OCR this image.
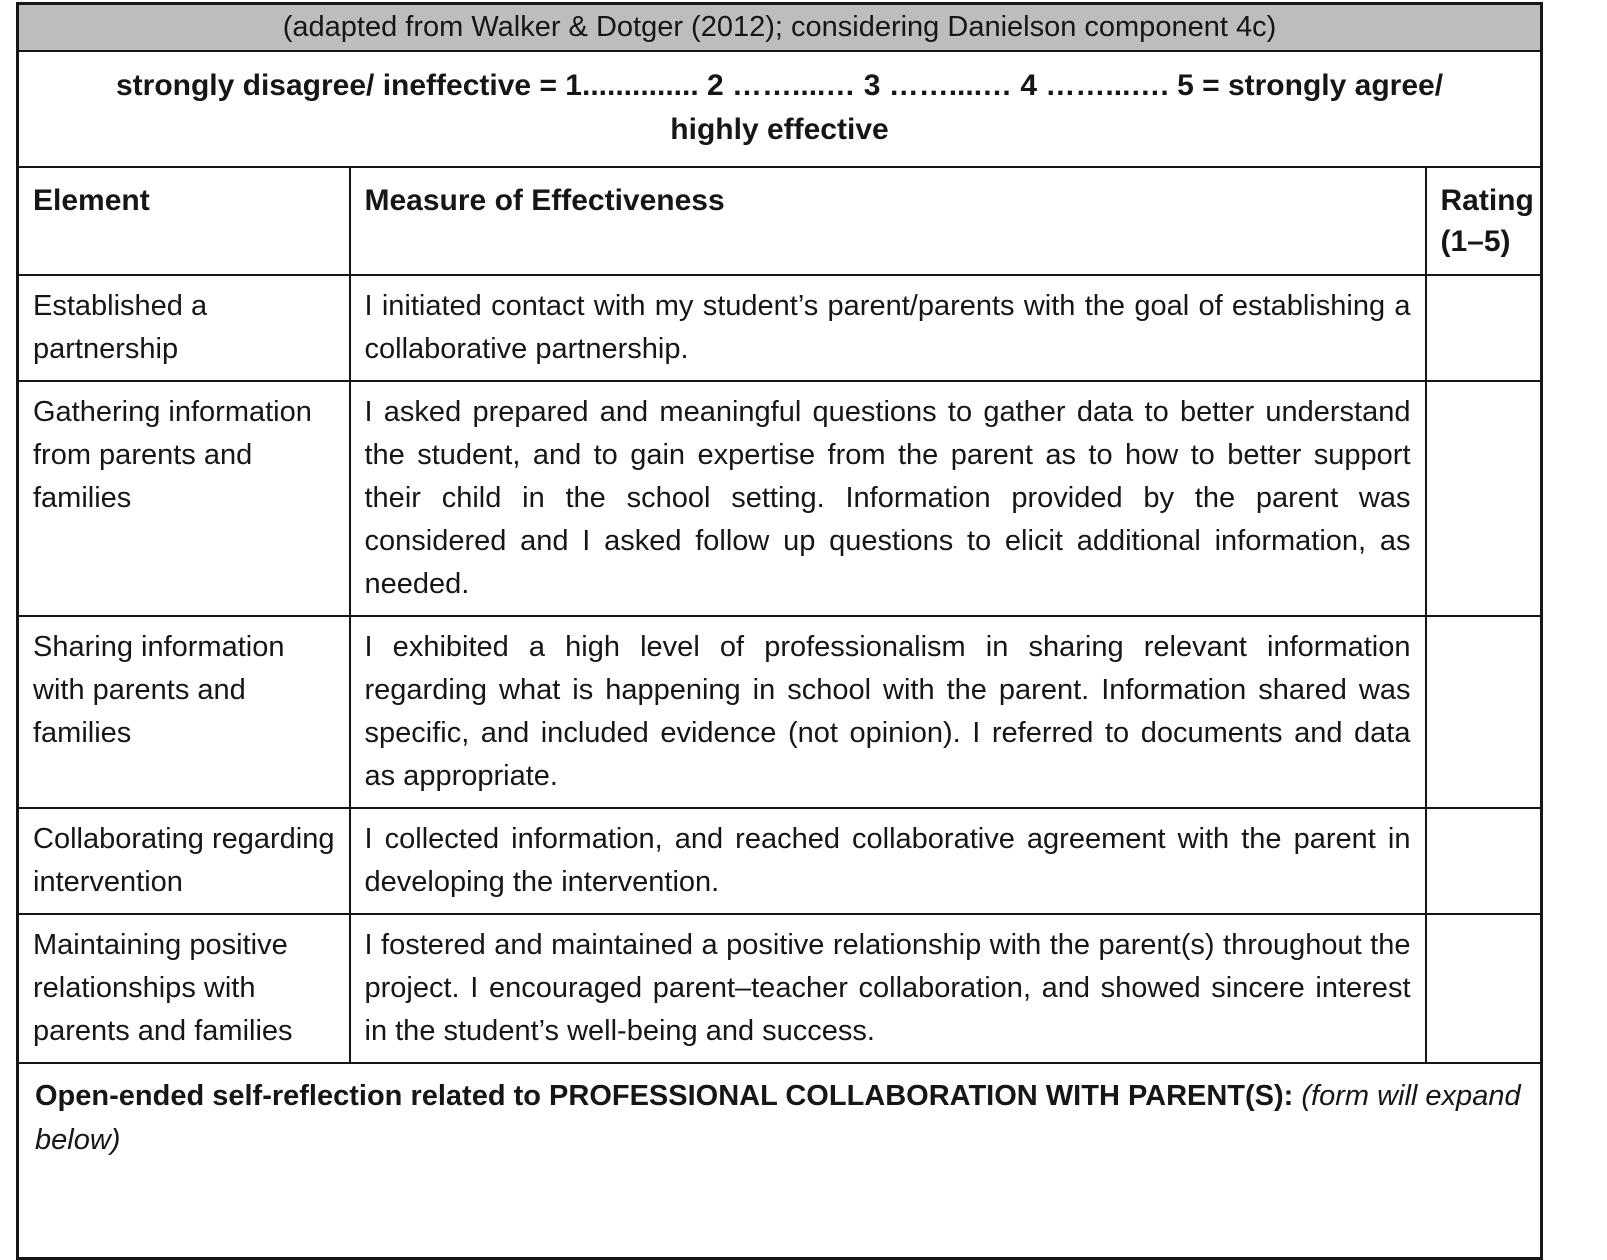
(adapted from Walker & Dotger (2012); considering Danielson component 4c)		

strongly disagree/ ineffective = 1.............. 2 ……....… 3 ……....… 4 ……...…. 5 = strongly agree/
highly effective		

Element	Measure of Effectiveness	Rating (1–5)
Established a partnership	I initiated contact with my student’s parent/parents with the goal of establishing a collaborative partnership.	
Gathering information from parents and families	I asked prepared and meaningful questions to gather data to better understand the student, and to gain expertise from the parent as to how to better support their child in the school setting. Information provided by the parent was considered and I asked follow up questions to elicit additional information, as needed.	
Sharing information with parents and families	I exhibited a high level of professionalism in sharing relevant information regarding what is happening in school with the parent. Information shared was specific, and included evidence (not opinion). I referred to documents and data as appropriate.	
Collaborating regarding intervention	I collected information, and reached collaborative agreement with the parent in developing the intervention.	
Maintaining positive relationships with parents and families	I fostered and maintained a positive relationship with the parent(s) throughout the project. I encouraged parent–teacher collaboration, and showed sincere interest in the student’s well-being and success.	
Open-ended self-reflection related to PROFESSIONAL COLLABORATION WITH PARENT(S): (form will expand below)		
